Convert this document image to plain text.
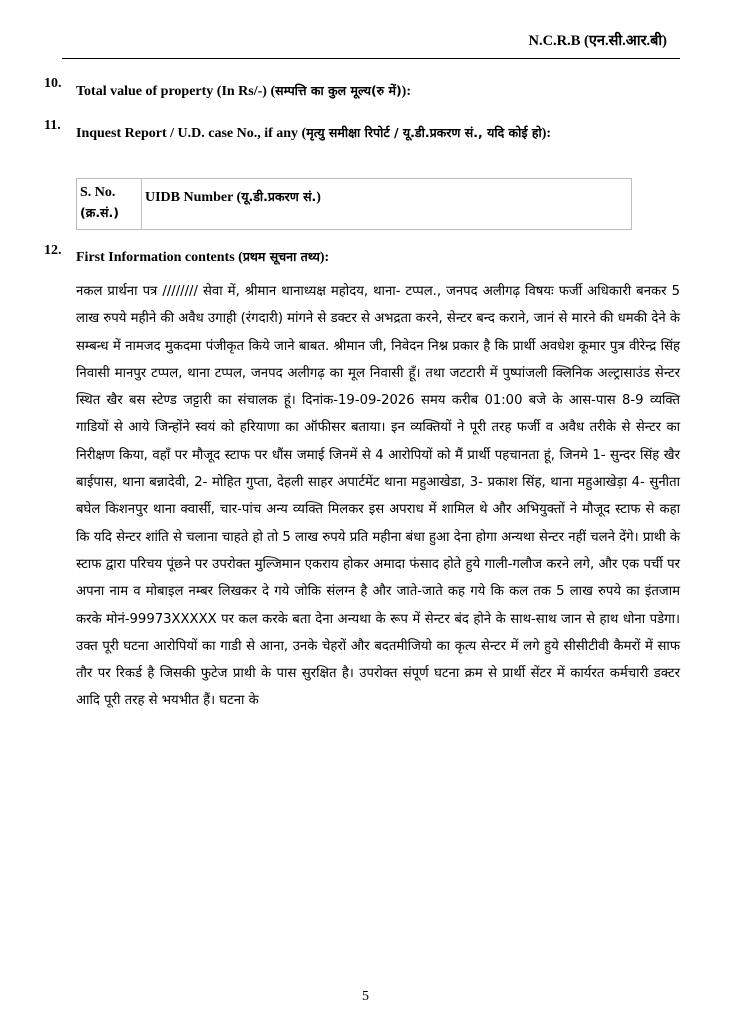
N.C.R.B (एन.सी.आर.बी)
10.
Total value of property (In Rs/-) (सम्पत्ति का कुल मूल्य(रु में)):
11.
Inquest Report / U.D. case No., if any (मृत्यु समीक्षा रिपोर्ट / यू.डी.प्रकरण सं., यदि कोई हो):
S. No.
(क्र.सं.)
	UIDB Number (यू.डी.प्रकरण सं.)
12. First Information contents (प्रथम सूचना तथ्य):
नकल प्रार्थना पत्र //////// सेवा में, श्रीमान थानाध्यक्ष महोदय, थाना- टप्पल., जनपद अलीगढ़ विषयः फर्जी अधिकारी बनकर 5 लाख रुपये महीने की अवैध उगाही (रंगदारी) मांगने से डक्टर से अभद्रता करने, सेन्टर बन्द कराने, जानं से मारने की धमकी देने के सम्बन्ध में नामजद मुकदमा पंजीकृत किये जाने बाबत. श्रीमान जी, निवेदन निश्न प्रकार है कि प्रार्थी अवधेश कूमार पुत्र वीरेन्द्र सिंह निवासी मानपुर टप्पल, थाना टप्पल, जनपद अलीगढ़ का मूल निवासी हूँ। तथा जटटारी में पुष्पांजली क्लिनिक अल्ट्रासाउंड सेन्टर स्थित खैर बस स्टेण्ड जट्टारी का संचालक हूं। दिनांक-19-09-2026 समय करीब 01:00 बजे के आस-पास 8-9 व्यक्ति गाडियों से आये जिन्होंने स्वयं को हरियाणा का ऑफीसर बताया। इन व्यक्तियों ने पूरी तरह फर्जी व अवैध तरीके से सेन्टर का निरीक्षण किया, वहाँ पर मौजूद स्टाफ पर धौंस जमाई जिनमें से 4 आरोपियों को मैं प्रार्थी पहचानता हूं, जिनमे 1- सुन्दर सिंह खैर बाईपास, थाना बन्नादेवी, 2- मोहित गुप्ता, देहली साहर अपार्टमेंट थाना महुआखेडा, 3- प्रकाश सिंह, थाना महुआखेड़ा 4- सुनीता बघेल किशनपुर थाना क्वार्सी, चार-पांच अन्य व्यक्ति मिलकर इस अपराध में शामिल थे और अभियुक्तों ने मौजूद स्टाफ से कहा कि यदि सेन्टर शांति से चलाना चाहते हो तो 5 लाख रुपये प्रति महीना बंधा हुआ देना होगा अन्यथा सेन्टर नहीं चलने देंगे। प्राथी के स्टाफ द्वारा परिचय पूंछने पर उपरोक्त मुल्जिमान एकराय होकर अमादा फंसाद होते हुये गाली-गलौज करने लगे, और एक पर्ची पर अपना नाम व मोबाइल नम्बर लिखकर दे गये जोकि संलग्न है और जाते-जाते कह गये कि कल तक 5 लाख रुपये का इंतजाम करके मोनं-99973XXXXX पर कल करके बता देना अन्यथा के रूप में सेन्टर बंद होने के साथ-साथ जान से हाथ धोना पडेगा। उक्त पूरी घटना आरोपियों का गाडी से आना, उनके चेहरों और बदतमीजियो का कृत्य सेन्टर में लगे हुये सीसीटीवी कैमरों में साफ तौर पर रिकर्ड है जिसकी फुटेज प्राथी के पास सुरक्षित है। उपरोक्त संपूर्ण घटना क्रम से प्रार्थी सेंटर में कार्यरत कर्मचारी डक्टर आदि पूरी तरह से भयभीत हैं। घटना के
5
